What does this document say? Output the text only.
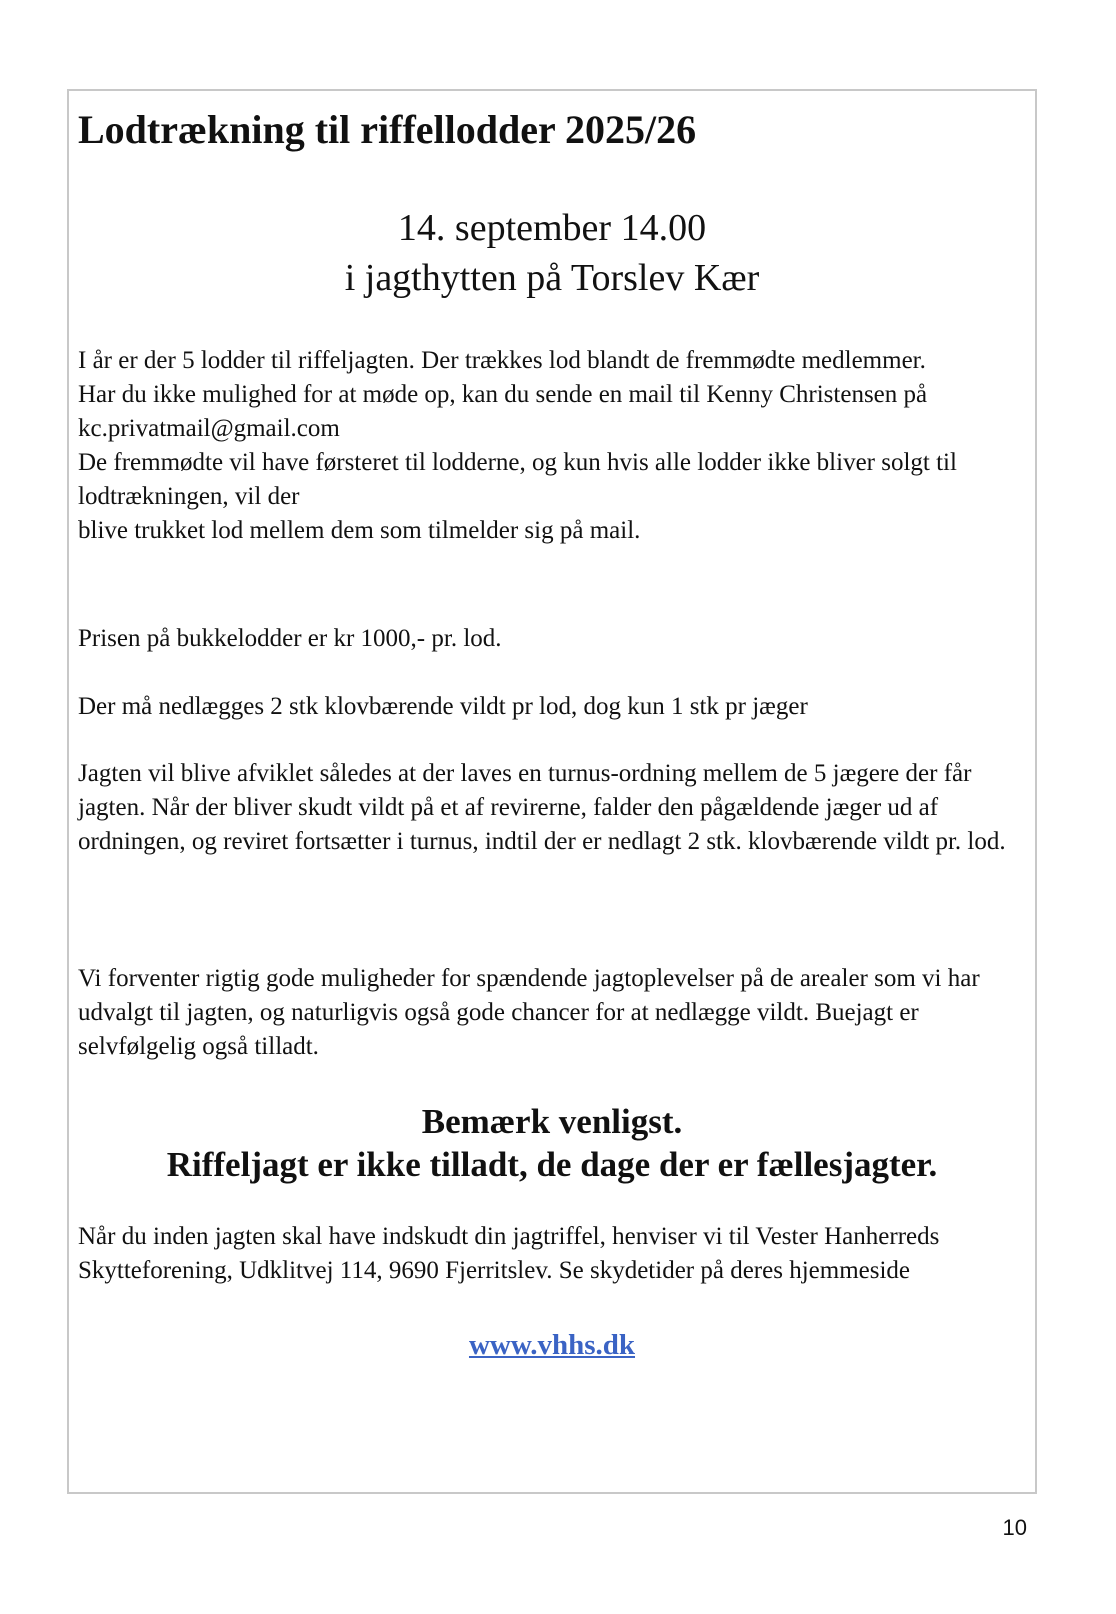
Lodtrækning til riffellodder 2025/26
14. september 14.00
i jagthytten på Torslev Kær

I år er der 5 lodder til riffeljagten. Der trækkes lod blandt de fremmødte medlemmer.

Har du ikke mulighed for at møde op, kan du sende en mail til Kenny Christensen på kc.privatmail@gmail.com

De fremmødte vil have førsteret til lodderne, og kun hvis alle lodder ikke bliver solgt til lodtrækningen, vil der

blive trukket lod mellem dem som tilmelder sig på mail.

Prisen på bukkelodder er kr 1000,- pr. lod.
Der må nedlægges 2 stk klovbærende vildt pr lod, dog kun 1 stk pr jæger
Jagten vil blive afviklet således at der laves en turnus-ordning mellem de 5 jægere der får jagten. Når der bliver skudt vildt på et af revirerne, falder den pågældende jæger ud af ordningen, og reviret fortsætter i turnus, indtil der er nedlagt 2 stk. klovbærende vildt pr. lod.
Vi forventer rigtig gode muligheder for spændende jagtoplevelser på de arealer som vi har udvalgt til jagten, og naturligvis også gode chancer for at nedlægge vildt. Buejagt er selvfølgelig også tilladt.
Bemærk venligst.
Riffeljagt er ikke tilladt, de dage der er fællesjagter.
Når du inden jagten skal have indskudt din jagtriffel, henviser vi til Vester Hanherreds Skytteforening, Udklitvej 114, 9690 Fjerritslev. Se skydetider på deres hjemmeside
www.vhhs.dk
10
